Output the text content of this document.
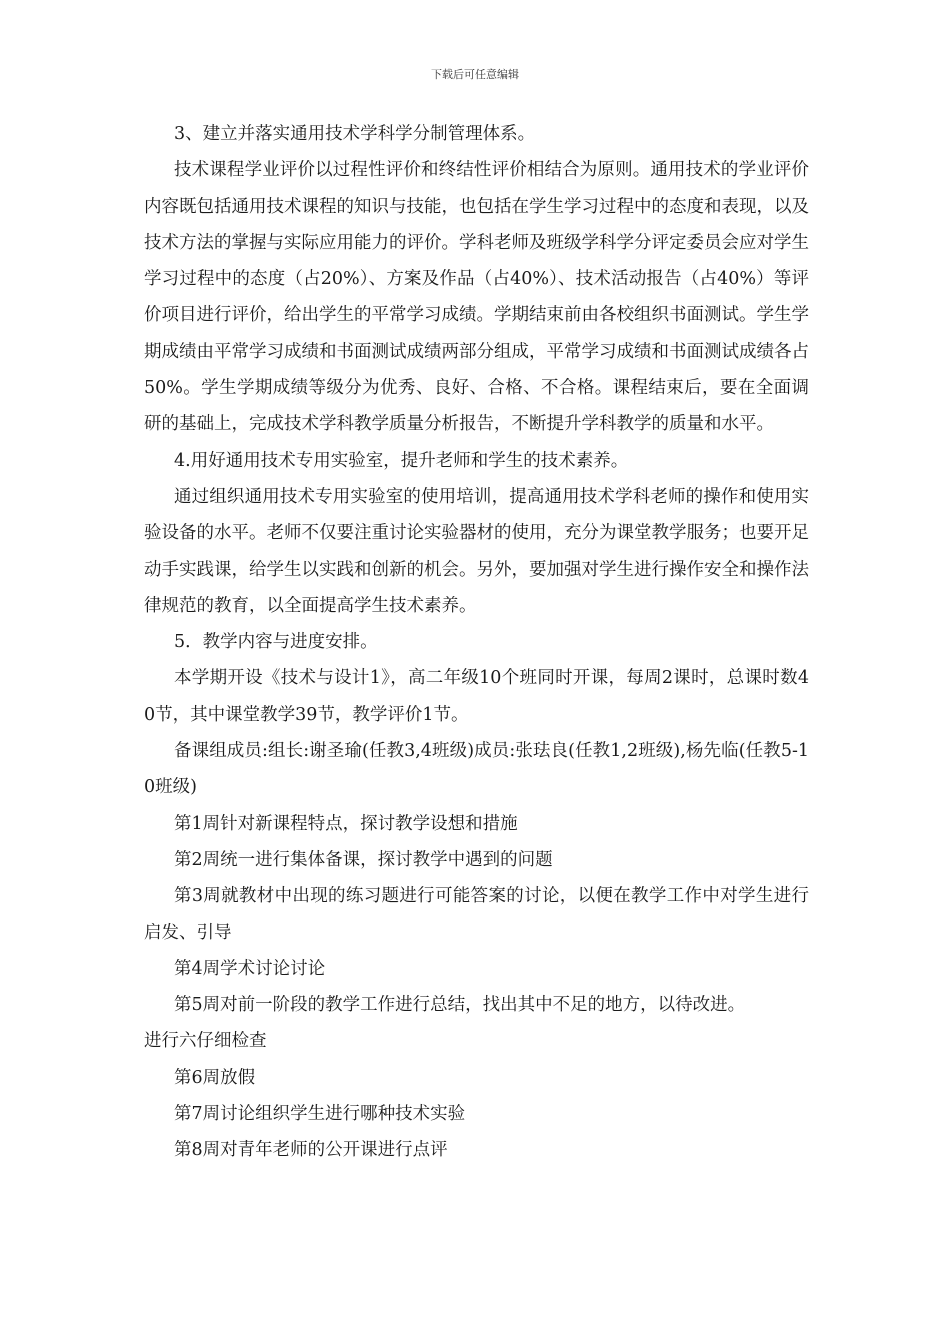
下载后可任意编辑

3、建立并落实通用技术学科学分制管理体系。

技术课程学业评价以过程性评价和终结性评价相结合为原则。通用技术的学业评价内容既包括通用技术课程的知识与技能，也包括在学生学习过程中的态度和表现，以及技术方法的掌握与实际应用能力的评价。学科老师及班级学科学分评定委员会应对学生学习过程中的态度（占20%）、方案及作品（占40%）、技术活动报告（占40%）等评价项目进行评价，给出学生的平常学习成绩。学期结束前由各校组织书面测试。学生学期成绩由平常学习成绩和书面测试成绩两部分组成，平常学习成绩和书面测试成绩各占50%。学生学期成绩等级分为优秀、良好、合格、不合格。课程结束后，要在全面调研的基础上，完成技术学科教学质量分析报告，不断提升学科教学的质量和水平。

4.用好通用技术专用实验室，提升老师和学生的技术素养。

通过组织通用技术专用实验室的使用培训，提高通用技术学科老师的操作和使用实验设备的水平。老师不仅要注重讨论实验器材的使用，充分为课堂教学服务；也要开足动手实践课，给学生以实践和创新的机会。另外，要加强对学生进行操作安全和操作法律规范的教育，以全面提高学生技术素养。

5．教学内容与进度安排。

本学期开设《技术与设计1》，高二年级10个班同时开课，每周2课时，总课时数40节，其中课堂教学39节，教学评价1节。

备课组成员:组长:谢圣瑜(任教3,4班级)成员:张珐良(任教1,2班级),杨先临(任教5-10班级)

第1周针对新课程特点，探讨教学设想和措施

第2周统一进行集体备课，探讨教学中遇到的问题

第3周就教材中出现的练习题进行可能答案的讨论，以便在教学工作中对学生进行启发、引导

第4周学术讨论讨论

第5周对前一阶段的教学工作进行总结，找出其中不足的地方，以待改进。

进行六仔细检查

第6周放假

第7周讨论组织学生进行哪种技术实验

第8周对青年老师的公开课进行点评
